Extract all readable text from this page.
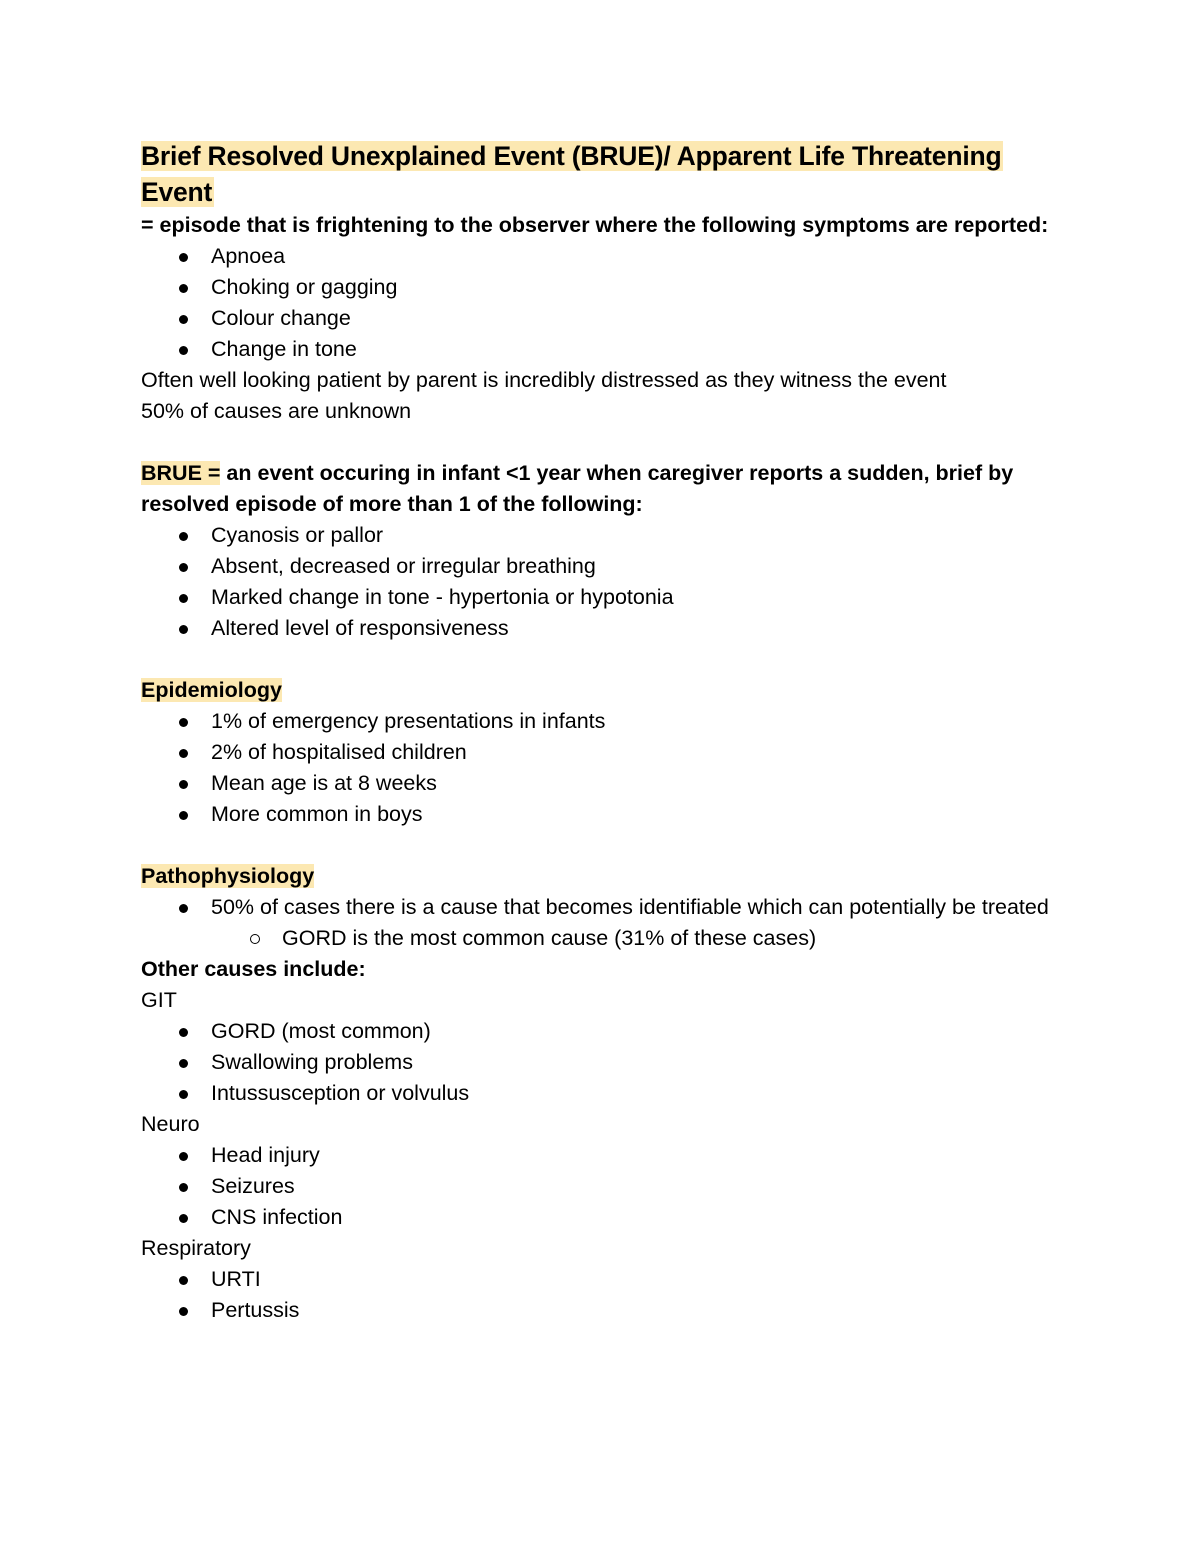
Brief Resolved Unexplained Event (BRUE)/ Apparent Life Threatening
Event

= episode that is frightening to the observer where the following symptoms are reported:

Apnoea
Choking or gagging
Colour change
Change in tone

Often well looking patient by parent is incredibly distressed as they witness the event

50% of causes are unknown

BRUE = an event occuring in infant <1 year when caregiver reports a sudden, brief by resolved episode of more than 1 of the following:

Cyanosis or pallor
Absent, decreased or irregular breathing
Marked change in tone - hypertonia or hypotonia
Altered level of responsiveness

Epidemiology

1% of emergency presentations in infants
2% of hospitalised children
Mean age is at 8 weeks
More common in boys

Pathophysiology

50% of cases there is a cause that becomes identifiable which can potentially be treated
GORD is the most common cause (31% of these cases)

Other causes include:

GIT

GORD (most common)
Swallowing problems
Intussusception or volvulus

Neuro

Head injury
Seizures
CNS infection

Respiratory

URTI
Pertussis
